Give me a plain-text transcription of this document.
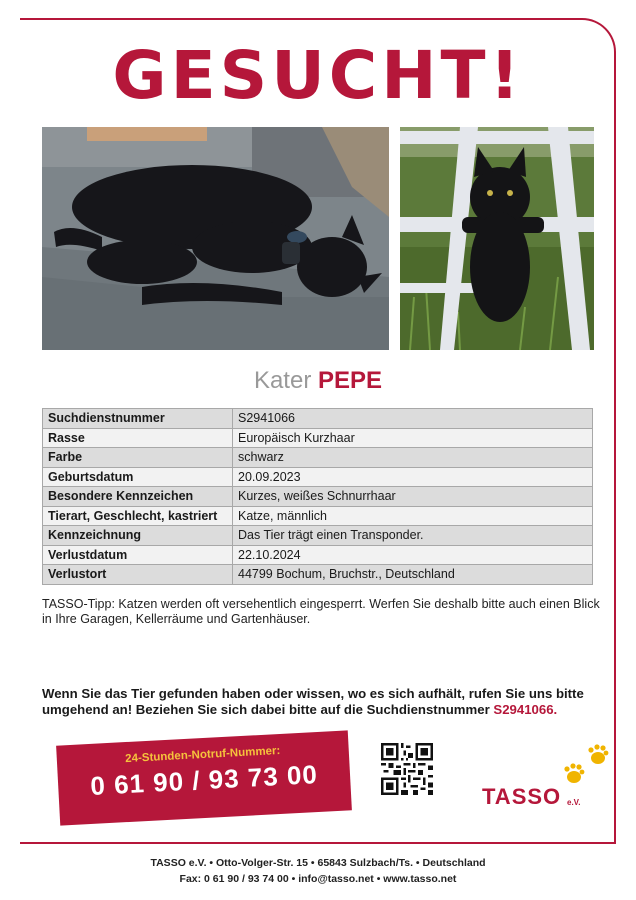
GESUCHT!
Kater PEPE
Suchdienstnummer	S2941066
Rasse	Europäisch Kurzhaar
Farbe	schwarz
Geburtsdatum	20.09.2023
Besondere Kennzeichen	Kurzes, weißes Schnurrhaar
Tierart, Geschlecht, kastriert	Katze, männlich
Kennzeichnung	Das Tier trägt einen Transponder.
Verlustdatum	22.10.2024
Verlustort	44799 Bochum, Bruchstr., Deutschland

TASSO-Tipp: Katzen werden oft versehentlich eingesperrt. Werfen Sie deshalb bitte auch einen Blick in Ihre Garagen, Kellerräume und Gartenhäuser.

Wenn Sie das Tier gefunden haben oder wissen, wo es sich aufhält, rufen Sie uns bitte umgehend an! Beziehen Sie sich dabei bitte auf die Suchdienstnummer S2941066.

24-Stunden-Notruf-Nummer:
0 61 90 / 93 73 00	TASSO e.V.
TASSO e.V. • Otto-Volger-Str. 15 • 65843 Sulzbach/Ts. • Deutschland
Fax: 0 61 90 / 93 74 00 • info@tasso.net • www.tasso.net
